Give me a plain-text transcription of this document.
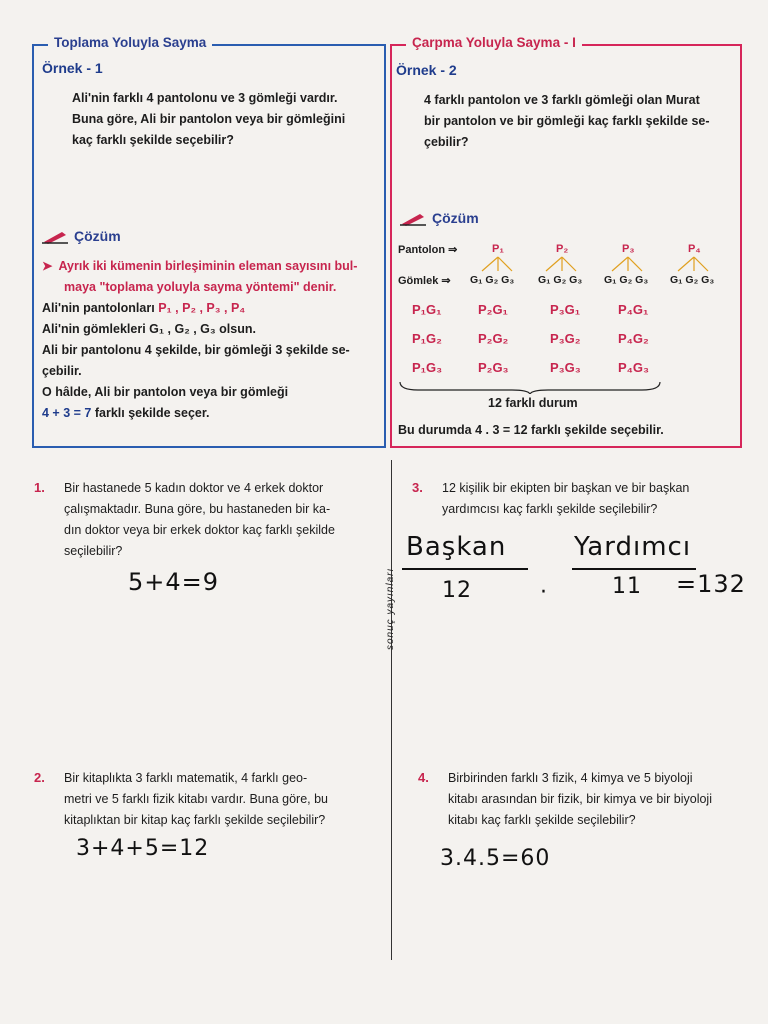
Toplama Yoluyla Sayma
Örnek - 1
Ali'nin farklı 4 pantolonu ve 3 gömleği vardır.
Buna göre, Ali bir pantolon veya bir gömleğini
kaç farklı şekilde seçebilir?
Çözüm
➤ Ayrık iki kümenin birleşiminin eleman sayısını bul-
maya "toplama yoluyla sayma yöntemi" denir.
Ali'nin pantolonları P₁ , P₂ , P₃ , P₄
Ali'nin gömlekleri G₁ , G₂ , G₃ olsun.
Ali bir pantolonu 4 şekilde, bir gömleği 3 şekilde se-
çebilir.
O hâlde, Ali bir pantolon veya bir gömleği
4 + 3 = 7 farklı şekilde seçer.
Çarpma Yoluyla Sayma - I
Örnek - 2
4 farklı pantolon ve 3 farklı gömleği olan Murat
bir pantolon ve bir gömleği kaç farklı şekilde se-
çebilir?
Çözüm
Pantolon ⇒
Gömlek ⇒
P₁	P₂	P₃	P₄
G₁ G₂ G₃ G₁ G₂ G₃ G₁ G₂ G₃ G₁ G₂ G₃
P₁G₁	P₂G₁	P₃G₁	P₄G₁
P₁G₂	P₂G₂	P₃G₂	P₄G₂
P₁G₃	P₂G₃	P₃G₃	P₄G₃
12 farklı durum
Bu durumda 4 . 3 = 12 farklı şekilde seçebilir.
1. Bir hastanede 5 kadın doktor ve 4 erkek doktor
çalışmaktadır. Buna göre, bu hastaneden bir ka-
dın doktor veya bir erkek doktor kaç farklı şekilde
seçilebilir?
5+4=9
3. 12 kişilik bir ekipten bir başkan ve bir başkan
yardımcısı kaç farklı şekilde seçilebilir?
Başkan	Yardımcı
12	·	11 =132
sonuç yayınları
2. Bir kitaplıkta 3 farklı matematik, 4 farklı geo-
metri ve 5 farklı fizik kitabı vardır. Buna göre, bu
kitaplıktan bir kitap kaç farklı şekilde seçilebilir?
3+4+5=12
4. Birbirinden farklı 3 fizik, 4 kimya ve 5 biyoloji
kitabı arasından bir fizik, bir kimya ve bir biyoloji
kitabı kaç farklı şekilde seçilebilir?
3.4.5=60
